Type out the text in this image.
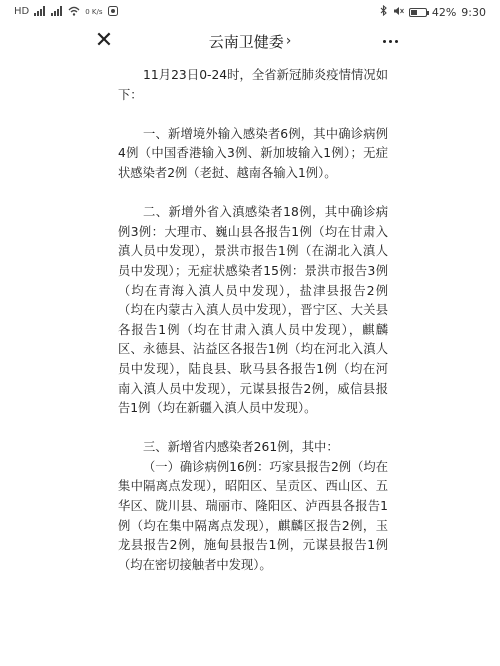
HD	0 K/s	42% 9:30
✕	云南卫健委 ›

11月23日0-24时，全省新冠肺炎疫情情况如下：

一、新增境外输入感染者6例，其中确诊病例4例（中国香港输入3例、新加坡输入1例）；无症状感染者2例（老挝、越南各输入1例）。

二、新增外省入滇感染者18例，其中确诊病例3例：大理市、巍山县各报告1例（均在甘肃入滇人员中发现），景洪市报告1例（在湖北入滇人员中发现）；无症状感染者15例：景洪市报告3例（均在青海入滇人员中发现），盐津县报告2例（均在内蒙古入滇人员中发现），晋宁区、大关县各报告1例（均在甘肃入滇人员中发现），麒麟区、永德县、沾益区各报告1例（均在河北入滇人员中发现），陆良县、耿马县各报告1例（均在河南入滇人员中发现），元谋县报告2例，威信县报告1例（均在新疆入滇人员中发现）。

三、新增省内感染者261例，其中：

（一）确诊病例16例：巧家县报告2例（均在集中隔离点发现），昭阳区、呈贡区、西山区、五华区、陇川县、瑞丽市、隆阳区、泸西县各报告1例（均在集中隔离点发现），麒麟区报告2例，玉龙县报告2例，施甸县报告1例，元谋县报告1例（均在密切接触者中发现）。
